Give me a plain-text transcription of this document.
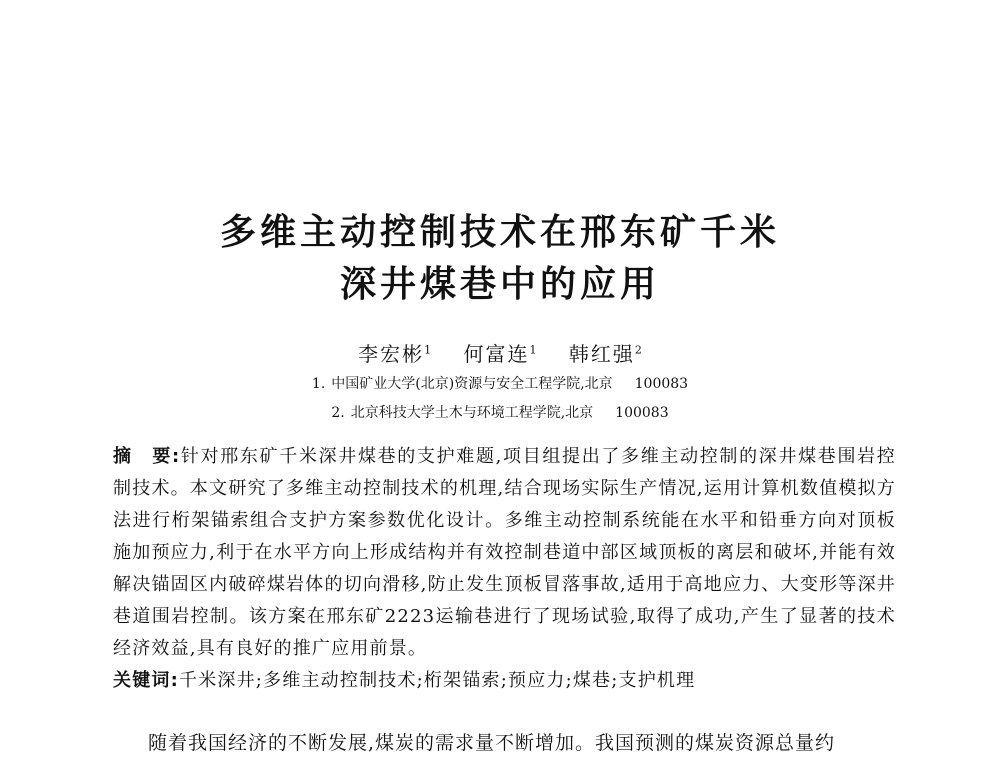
多维主动控制技术在邢东矿千米
深井煤巷中的应用
李宏彬$^1$ 何富连$^1$ 韩红强$^2$
1. 中国矿业大学(北京)资源与安全工程学院,北京 100083
2. 北京科技大学土木与环境工程学院,北京 100083
摘　要:针对邢东矿千米深井煤巷的支护难题,项目组提出了多维主动控制的深井煤巷围岩控制技术。本文研究了多维主动控制技术的机理,结合现场实际生产情况,运用计算机数值模拟方法进行桁架锚索组合支护方案参数优化设计。多维主动控制系统能在水平和铅垂方向对顶板施加预应力,利于在水平方向上形成结构并有效控制巷道中部区域顶板的离层和破坏,并能有效解决锚固区内破碎煤岩体的切向滑移,防止发生顶板冒落事故,适用于高地应力、大变形等深井巷道围岩控制。该方案在邢东矿2223运输巷进行了现场试验,取得了成功,产生了显著的技术经济效益,具有良好的推广应用前景。
关键词:千米深井;多维主动控制技术;桁架锚索;预应力;煤巷;支护机理
随着我国经济的不断发展,煤炭的需求量不断增加。我国预测的煤炭资源总量约
